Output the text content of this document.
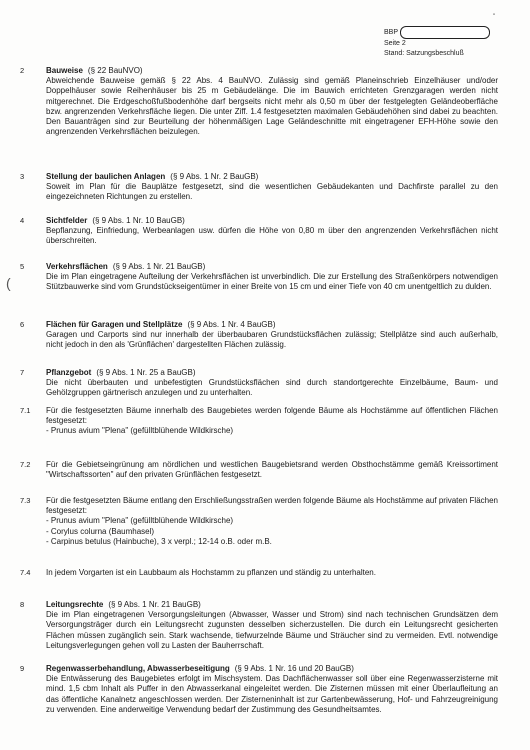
"
BBP
Seite 2
Stand: Satzungsbeschluß
2	Bauweise (§ 22 BauNVO)
Abweichende Bauweise gemäß § 22 Abs. 4 BauNVO. Zulässig sind gemäß Planeinschrieb Einzelhäuser und/oder Doppelhäuser sowie Reihenhäuser bis 25 m Gebäudelänge. Die im Bauwich errichteten Grenzgaragen werden nicht mitgerechnet. Die Erdgeschoßfußbodenhöhe darf bergseits nicht mehr als 0,50 m über der festgelegten Geländeoberfläche bzw. angrenzenden Verkehrsfläche liegen. Die unter Ziff. 1.4 festgesetzten maximalen Gebäudehöhen sind dabei zu beachten. Den Bauanträgen sind zur Beurteilung der höhenmäßigen Lage Geländeschnitte mit eingetragener EFH-Höhe sowie den angrenzenden Verkehrsflächen beizulegen.
3	Stellung der baulichen Anlagen (§ 9 Abs. 1 Nr. 2 BauGB)
Soweit im Plan für die Bauplätze festgesetzt, sind die wesentlichen Gebäudekanten und Dachfirste parallel zu den eingezeichneten Richtungen zu erstellen.
4	Sichtfelder (§ 9 Abs. 1 Nr. 10 BauGB)
Bepflanzung, Einfriedung, Werbeanlagen usw. dürfen die Höhe von 0,80 m über den angrenzenden Verkehrsflächen nicht überschreiten.
5	Verkehrsflächen (§ 9 Abs. 1 Nr. 21 BauGB)
Die im Plan eingetragene Aufteilung der Verkehrsflächen ist unverbindlich. Die zur Erstellung des Straßenkörpers notwendigen Stützbauwerke sind vom Grundstückseigentümer in einer Breite von 15 cm und einer Tiefe von 40 cm unentgeltlich zu dulden.
(
6	Flächen für Garagen und Stellplätze (§ 9 Abs. 1 Nr. 4 BauGB)
Garagen und Carports sind nur innerhalb der überbaubaren Grundstücksflächen zulässig; Stellplätze sind auch außerhalb, nicht jedoch in den als 'Grünflächen' dargestellten Flächen zulässig.
7	Pflanzgebot (§ 9 Abs. 1 Nr. 25 a BauGB)
Die nicht überbauten und unbefestigten Grundstücksflächen sind durch standortgerechte Einzelbäume, Baum- und Gehölzgruppen gärtnerisch anzulegen und zu unterhalten.
7.1	Für die festgesetzten Bäume innerhalb des Baugebietes werden folgende Bäume als Hochstämme auf öffentlichen Flächen festgesetzt:
- Prunus avium "Plena" (gefülltblühende Wildkirsche)
7.2	Für die Gebietseingrünung am nördlichen und westlichen Baugebietsrand werden Obsthochstämme gemäß Kreissortiment "Wirtschaftssorten" auf den privaten Grünflächen festgesetzt.
7.3	Für die festgesetzten Bäume entlang den Erschließungsstraßen werden folgende Bäume als Hochstämme auf privaten Flächen festgesetzt:
- Prunus avium "Plena" (gefülltblühende Wildkirsche)
- Corylus colurna (Baumhasel)
- Carpinus betulus (Hainbuche), 3 x verpl.; 12-14 o.B. oder m.B.
7.4	In jedem Vorgarten ist ein Laubbaum als Hochstamm zu pflanzen und ständig zu unterhalten.
8	Leitungsrechte (§ 9 Abs. 1 Nr. 21 BauGB)
Die im Plan eingetragenen Versorgungsleitungen (Abwasser, Wasser und Strom) sind nach technischen Grundsätzen dem Versorgungsträger durch ein Leitungsrecht zugunsten desselben sicherzustellen. Die durch ein Leitungsrecht gesicherten Flächen müssen zugänglich sein. Stark wachsende, tiefwurzelnde Bäume und Sträucher sind zu vermeiden. Evtl. notwendige Leitungsverlegungen gehen voll zu Lasten der Bauherrschaft.
9	Regenwasserbehandlung, Abwasserbeseitigung (§ 9 Abs. 1 Nr. 16 und 20 BauGB)
Die Entwässerung des Baugebietes erfolgt im Mischsystem. Das Dachflächenwasser soll über eine Regenwasserzisterne mit mind. 1,5 cbm Inhalt als Puffer in den Abwasserkanal eingeleitet werden. Die Zisternen müssen mit einer Überlaufleitung an das öffentliche Kanalnetz angeschlossen werden. Der Zisterneninhalt ist zur Gartenbewässerung, Hof- und Fahrzeugreinigung zu verwenden. Eine anderweitige Verwendung bedarf der Zustimmung des Gesundheitsamtes.
